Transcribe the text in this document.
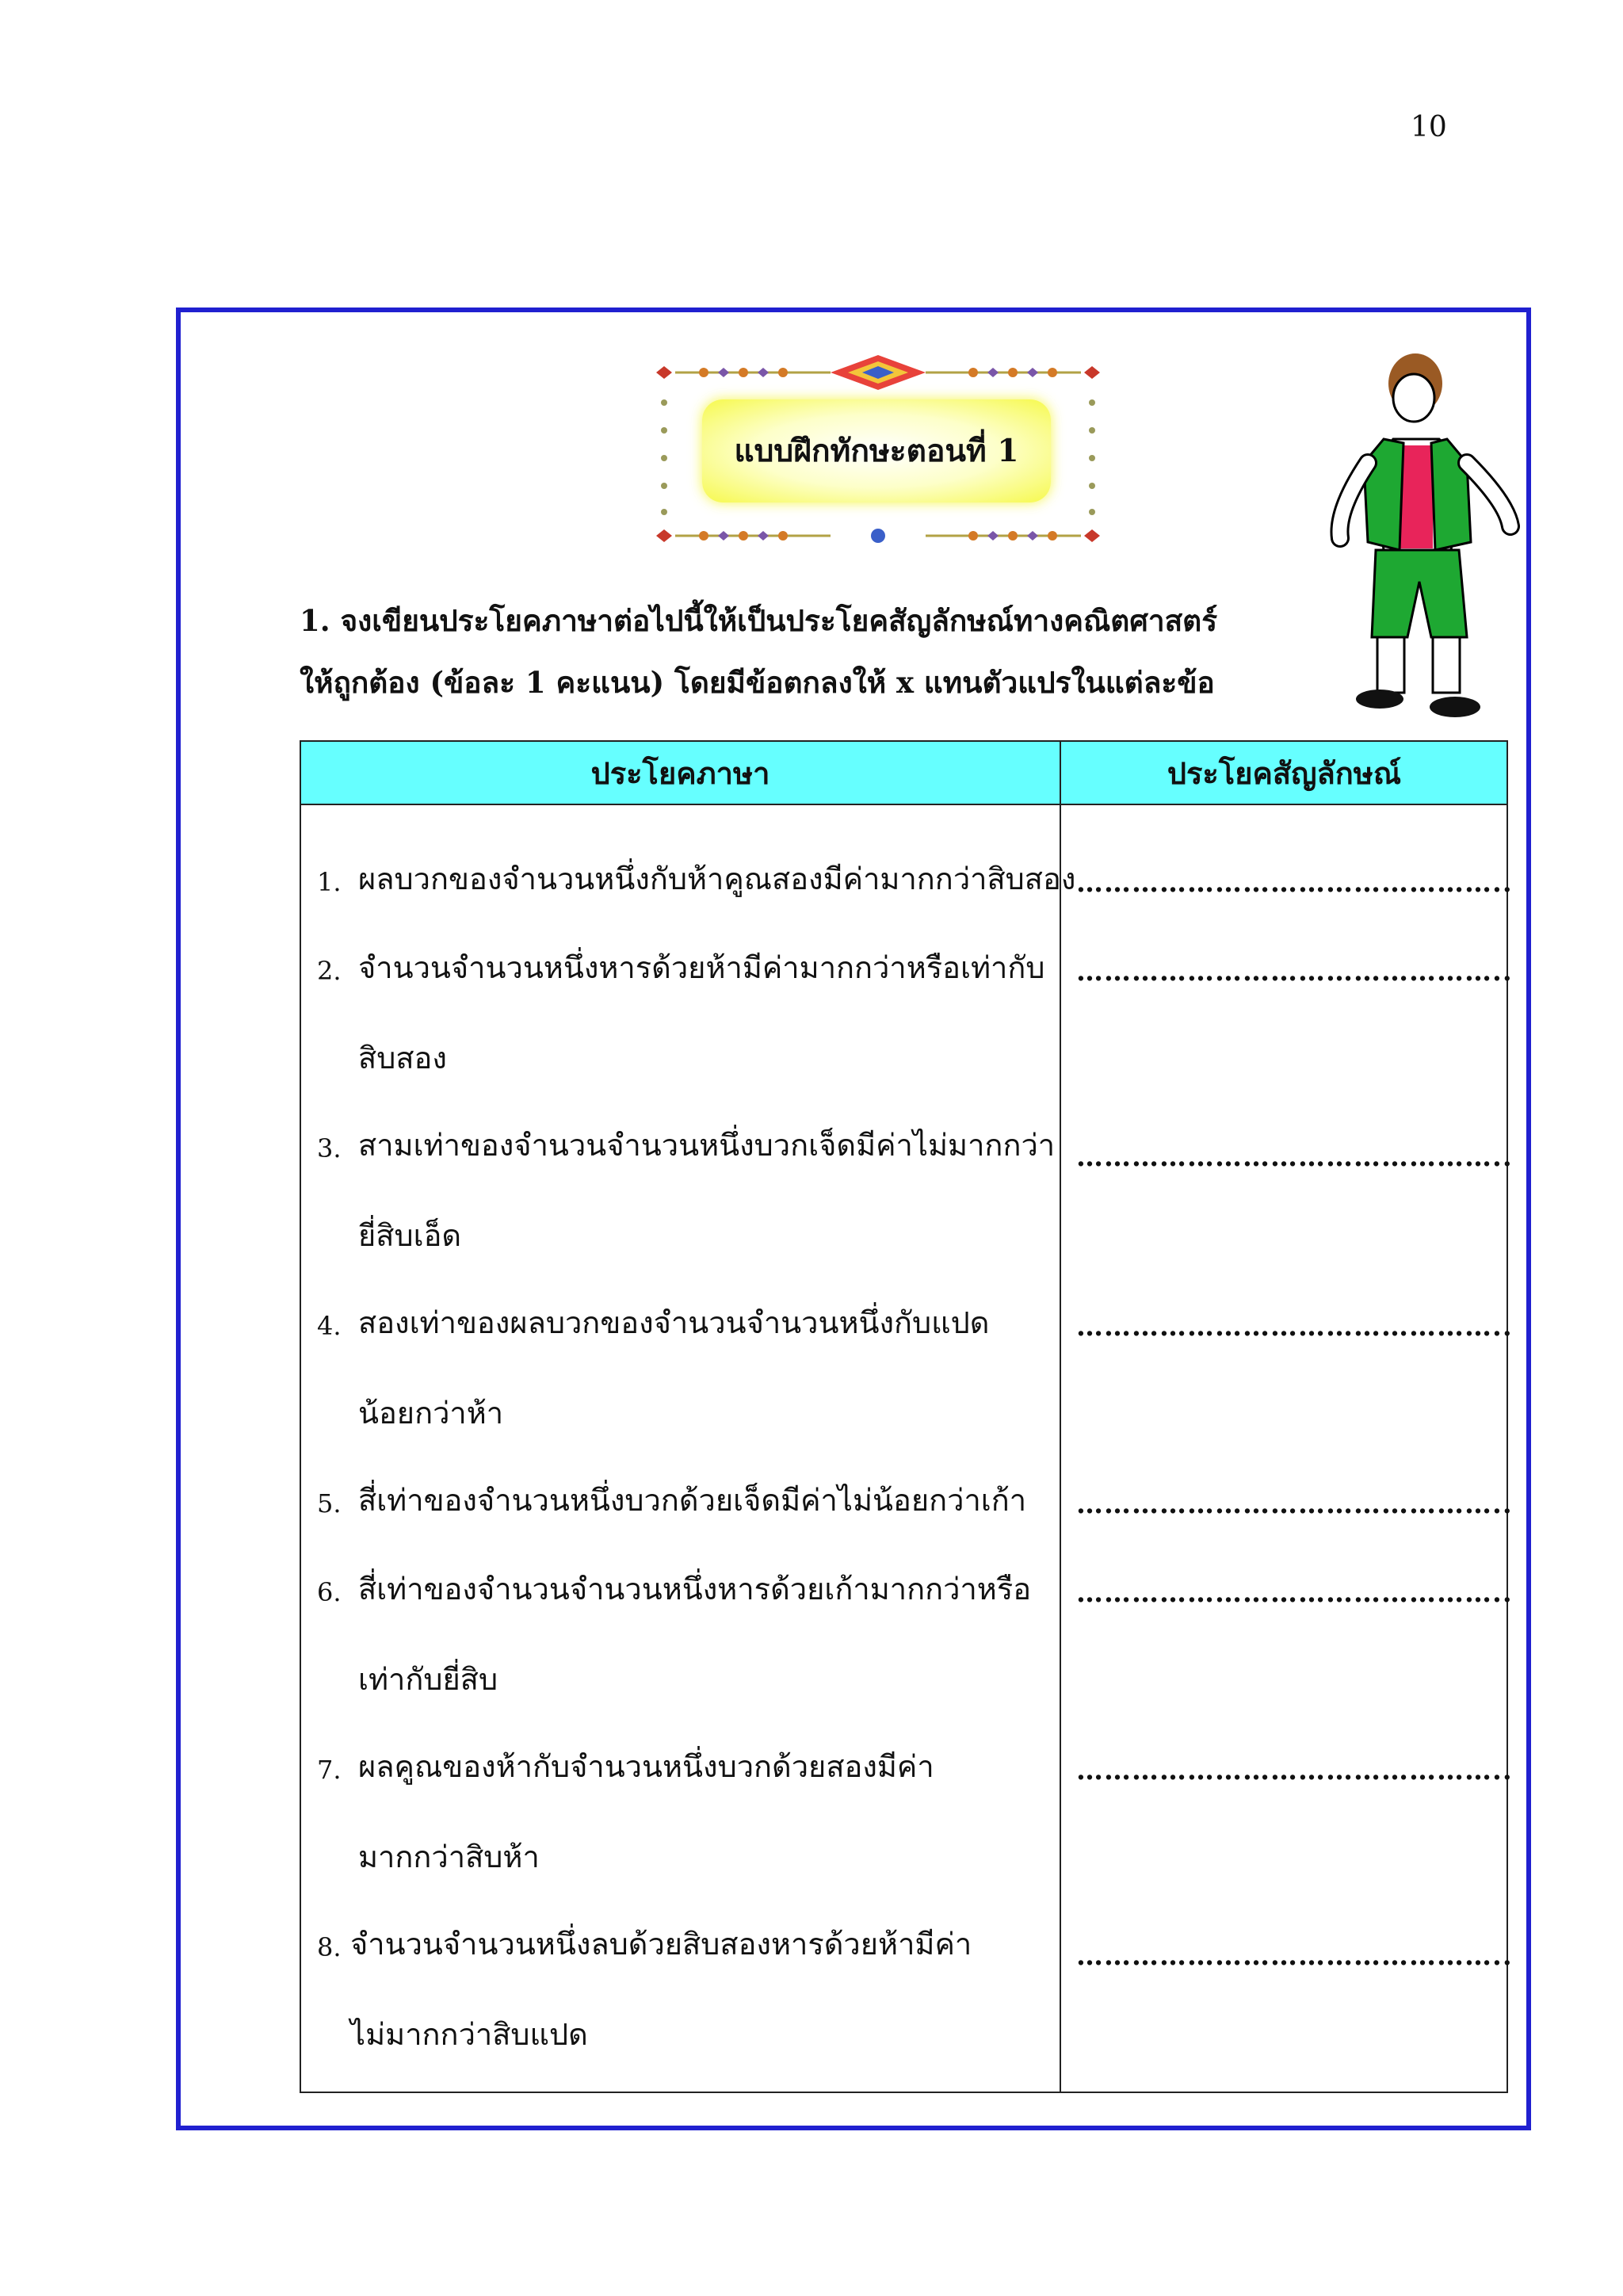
10
แบบฝึกทักษะตอนที่ 1
1. จงเขียนประโยคภาษาต่อไปนี้ให้เป็นประโยคสัญลักษณ์ทางคณิตศาสตร์
ให้ถูกต้อง (ข้อละ 1 คะแนน) โดยมีข้อตกลงให้ x แทนตัวแปรในแต่ละข้อ
ประโยคภาษา	ประโยคสัญลักษณ์
1. ผลบวกของจำนวนหนึ่งกับห้าคูณสองมีค่ามากกว่าสิบสอง ………………………………………..
2. จำนวนจำนวนหนึ่งหารด้วยห้ามีค่ามากกว่าหรือเท่ากับ
สิบสอง
………………………………………..
3. สามเท่าของจำนวนจำนวนหนึ่งบวกเจ็ดมีค่าไม่มากกว่า
ยี่สิบเอ็ด
………………………………………..
4. สองเท่าของผลบวกของจำนวนจำนวนหนึ่งกับแปด
น้อยกว่าห้า
………………………………………..
5. สี่เท่าของจำนวนหนึ่งบวกด้วยเจ็ดมีค่าไม่น้อยกว่าเก้า ………………………………………..
6. สี่เท่าของจำนวนจำนวนหนึ่งหารด้วยเก้ามากกว่าหรือ
เท่ากับยี่สิบ
………………………………………..
7. ผลคูณของห้ากับจำนวนหนึ่งบวกด้วยสองมีค่า
มากกว่าสิบห้า
………………………………………..
8. จำนวนจำนวนหนึ่งลบด้วยสิบสองหารด้วยห้ามีค่า
ไม่มากกว่าสิบแปด
………………………………………..
